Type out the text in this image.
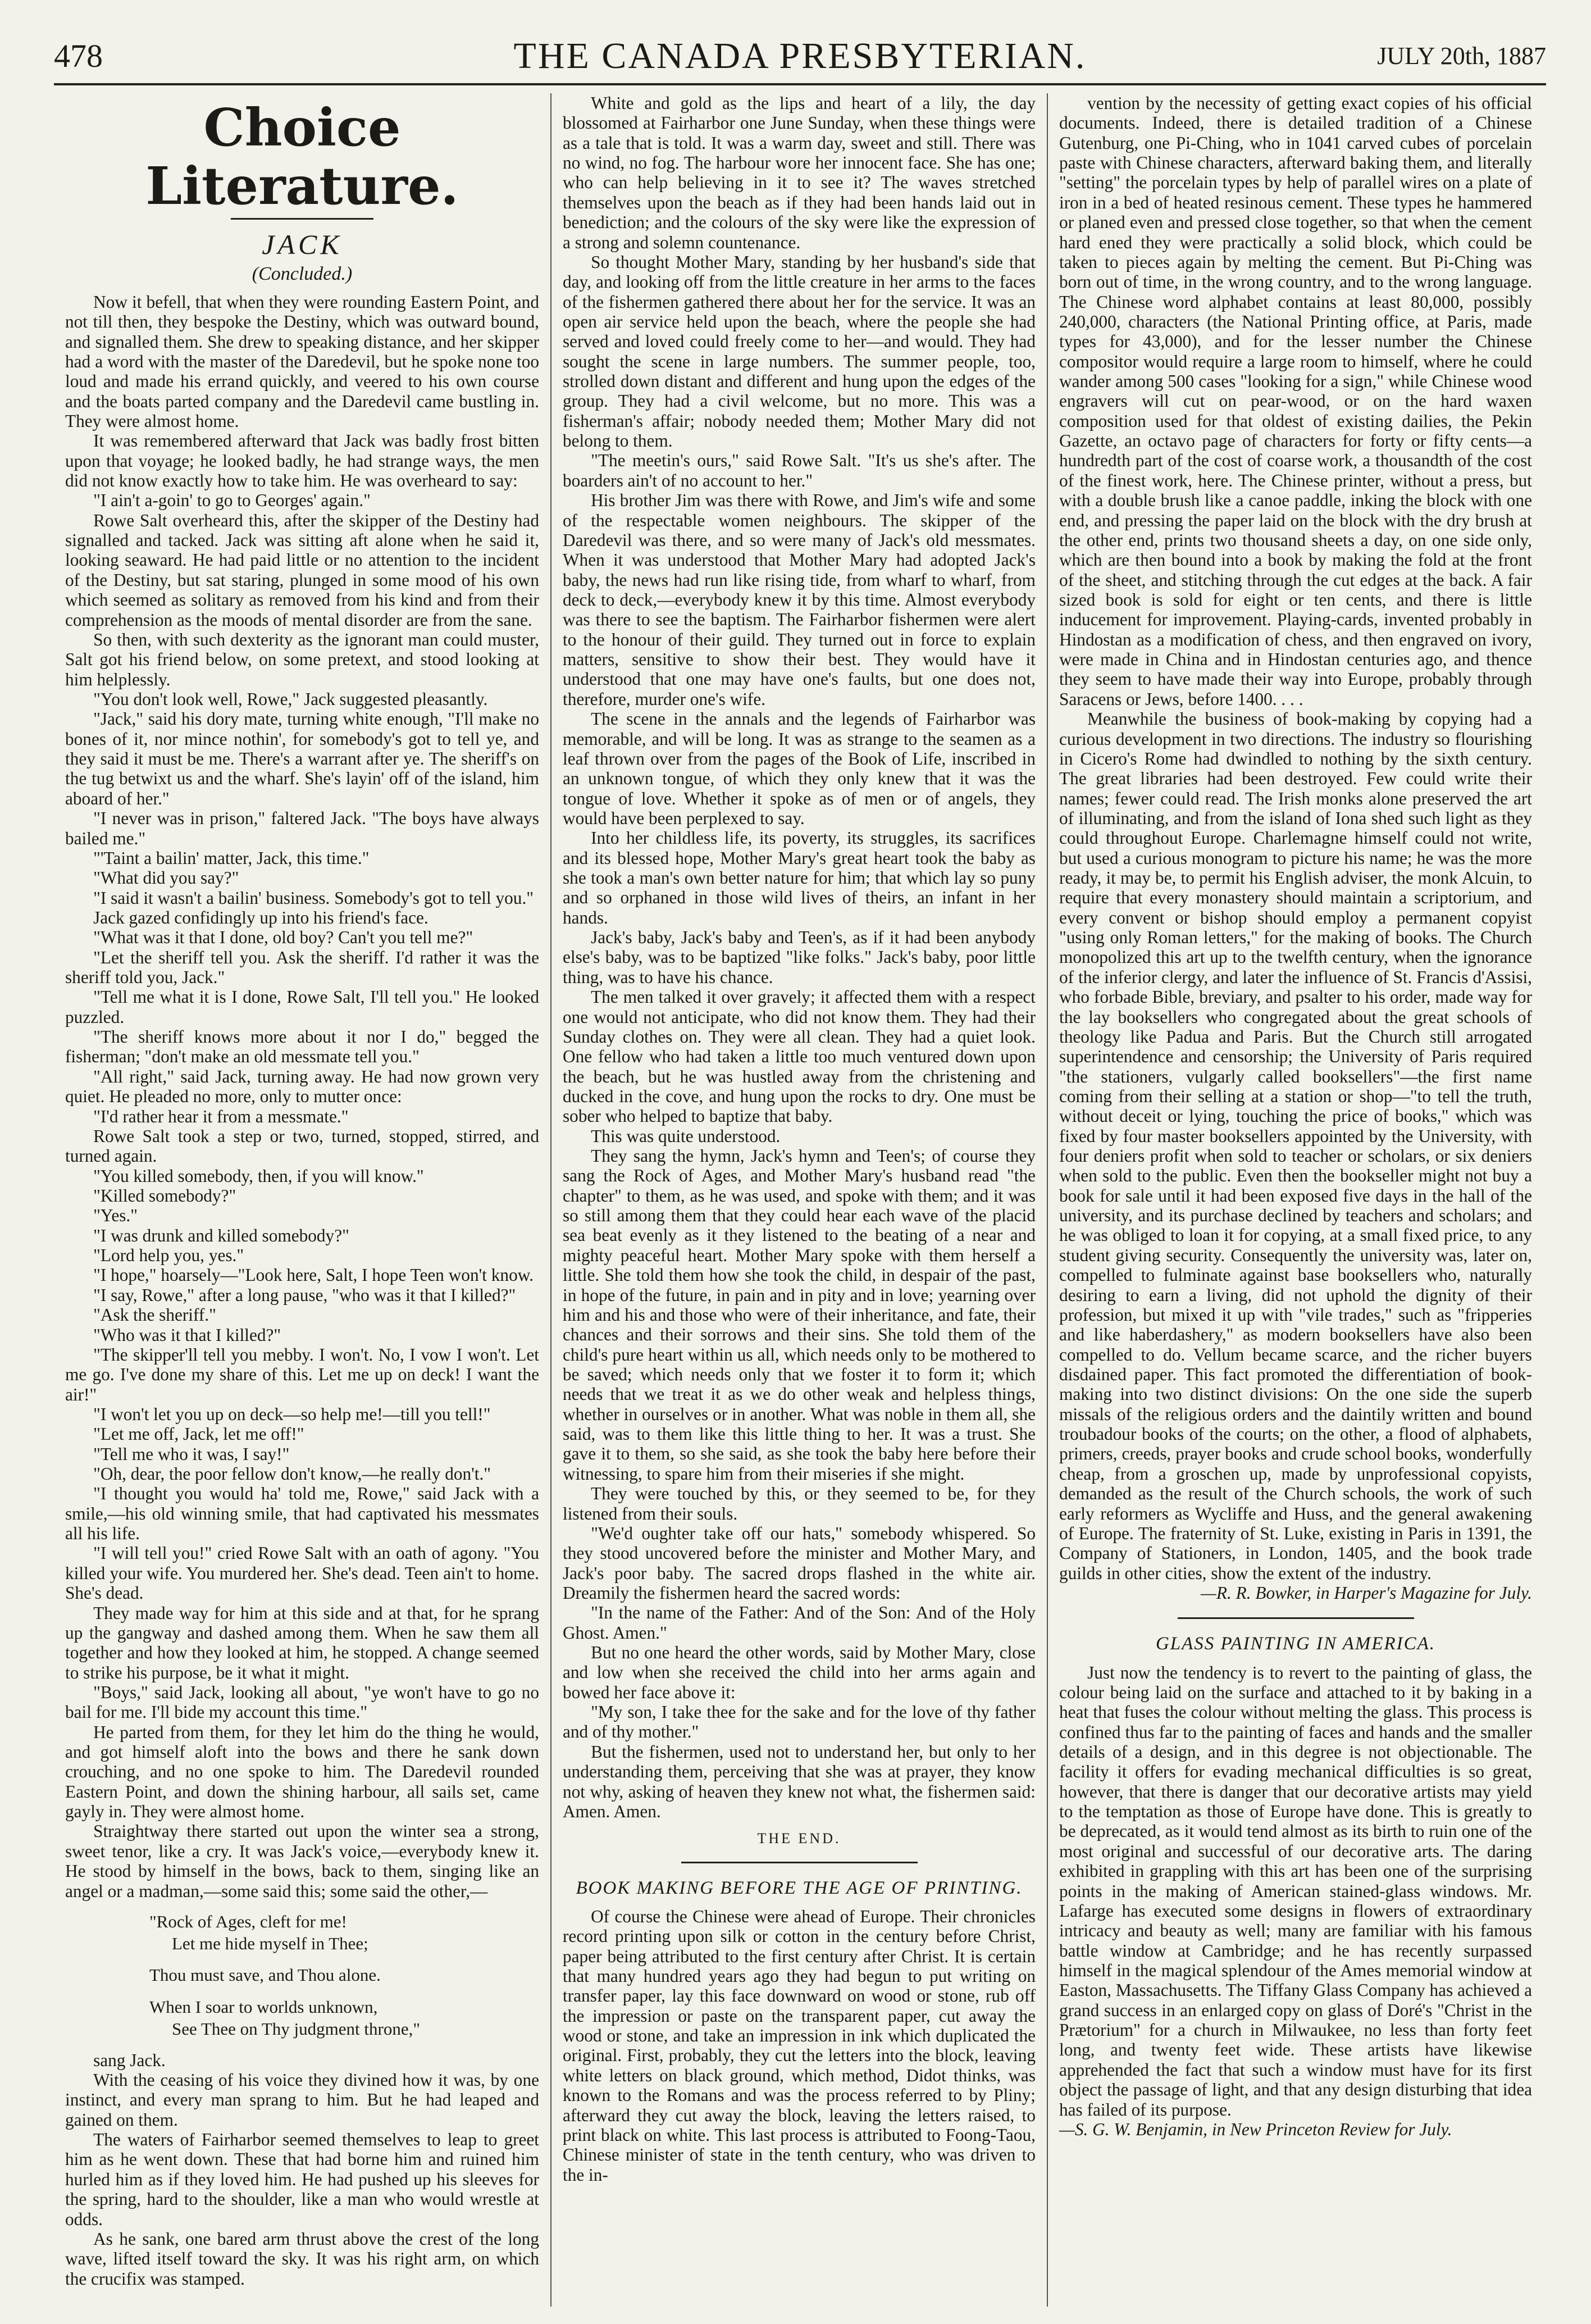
478	THE CANADA PRESBYTERIAN.	JULY 20th, 1887
Choice Literature.
JACK
(Concluded.)

Now it befell, that when they were rounding Eastern Point, and not till then, they bespoke the Destiny, which was outward bound, and signalled them. She drew to speaking distance, and her skipper had a word with the master of the Daredevil, but he spoke none too loud and made his errand quickly, and veered to his own course and the boats parted company and the Daredevil came bustling in. They were almost home.

It was remembered afterward that Jack was badly frost bitten upon that voyage; he looked badly, he had strange ways, the men did not know exactly how to take him. He was overheard to say:

"I ain't a-goin' to go to Georges' again."

Rowe Salt overheard this, after the skipper of the Destiny had signalled and tacked. Jack was sitting aft alone when he said it, looking seaward. He had paid little or no attention to the incident of the Destiny, but sat staring, plunged in some mood of his own which seemed as solitary as removed from his kind and from their comprehension as the moods of mental disorder are from the sane.

So then, with such dexterity as the ignorant man could muster, Salt got his friend below, on some pretext, and stood looking at him helplessly.

"You don't look well, Rowe," Jack suggested pleasantly.

"Jack," said his dory mate, turning white enough, "I'll make no bones of it, nor mince nothin', for somebody's got to tell ye, and they said it must be me. There's a warrant after ye. The sheriff's on the tug betwixt us and the wharf. She's layin' off of the island, him aboard of her."

"I never was in prison," faltered Jack. "The boys have always bailed me."

"'Taint a bailin' matter, Jack, this time."

"What did you say?"

"I said it wasn't a bailin' business. Somebody's got to tell you."

Jack gazed confidingly up into his friend's face.

"What was it that I done, old boy? Can't you tell me?"

"Let the sheriff tell you. Ask the sheriff. I'd rather it was the sheriff told you, Jack."

"Tell me what it is I done, Rowe Salt, I'll tell you." He looked puzzled.

"The sheriff knows more about it nor I do," begged the fisherman; "don't make an old messmate tell you."

"All right," said Jack, turning away. He had now grown very quiet. He pleaded no more, only to mutter once:

"I'd rather hear it from a messmate."

Rowe Salt took a step or two, turned, stopped, stirred, and turned again.

"You killed somebody, then, if you will know."

"Killed somebody?"

"Yes."

"I was drunk and killed somebody?"

"Lord help you, yes."

"I hope," hoarsely—"Look here, Salt, I hope Teen won't know.

"I say, Rowe," after a long pause, "who was it that I killed?"

"Ask the sheriff."

"Who was it that I killed?"

"The skipper'll tell you mebby. I won't. No, I vow I won't. Let me go. I've done my share of this. Let me up on deck! I want the air!"

"I won't let you up on deck—so help me!—till you tell!"

"Let me off, Jack, let me off!"

"Tell me who it was, I say!"

"Oh, dear, the poor fellow don't know,—he really don't."

"I thought you would ha' told me, Rowe," said Jack with a smile,—his old winning smile, that had captivated his messmates all his life.

"I will tell you!" cried Rowe Salt with an oath of agony. "You killed your wife. You murdered her. She's dead. Teen ain't to home. She's dead.

They made way for him at this side and at that, for he sprang up the gangway and dashed among them. When he saw them all together and how they looked at him, he stopped. A change seemed to strike his purpose, be it what it might.

"Boys," said Jack, looking all about, "ye won't have to go no bail for me. I'll bide my account this time."

He parted from them, for they let him do the thing he would, and got himself aloft into the bows and there he sank down crouching, and no one spoke to him. The Daredevil rounded Eastern Point, and down the shining harbour, all sails set, came gayly in. They were almost home.

Straightway there started out upon the winter sea a strong, sweet tenor, like a cry. It was Jack's voice,—everybody knew it. He stood by himself in the bows, back to them, singing like an angel or a madman,—some said this; some said the other,—

"Rock of Ages, cleft for me!
Let me hide myself in Thee;
Thou must save, and Thou alone.
When I soar to worlds unknown,
See Thee on Thy judgment throne,"

sang Jack.

With the ceasing of his voice they divined how it was, by one instinct, and every man sprang to him. But he had leaped and gained on them.

The waters of Fairharbor seemed themselves to leap to greet him as he went down. These that had borne him and ruined him hurled him as if they loved him. He had pushed up his sleeves for the spring, hard to the shoulder, like a man who would wrestle at odds.

As he sank, one bared arm thrust above the crest of the long wave, lifted itself toward the sky. It was his right arm, on which the crucifix was stamped.

White and gold as the lips and heart of a lily, the day blossomed at Fairharbor one June Sunday, when these things were as a tale that is told. It was a warm day, sweet and still. There was no wind, no fog. The harbour wore her innocent face. She has one; who can help believing in it to see it? The waves stretched themselves upon the beach as if they had been hands laid out in benediction; and the colours of the sky were like the expression of a strong and solemn countenance.

So thought Mother Mary, standing by her husband's side that day, and looking off from the little creature in her arms to the faces of the fishermen gathered there about her for the service. It was an open air service held upon the beach, where the people she had served and loved could freely come to her—and would. They had sought the scene in large numbers. The summer people, too, strolled down distant and different and hung upon the edges of the group. They had a civil welcome, but no more. This was a fisherman's affair; nobody needed them; Mother Mary did not belong to them.

"The meetin's ours," said Rowe Salt. "It's us she's after. The boarders ain't of no account to her."

His brother Jim was there with Rowe, and Jim's wife and some of the respectable women neighbours. The skipper of the Daredevil was there, and so were many of Jack's old messmates. When it was understood that Mother Mary had adopted Jack's baby, the news had run like rising tide, from wharf to wharf, from deck to deck,—everybody knew it by this time. Almost everybody was there to see the baptism. The Fairharbor fishermen were alert to the honour of their guild. They turned out in force to explain matters, sensitive to show their best. They would have it understood that one may have one's faults, but one does not, therefore, murder one's wife.

The scene in the annals and the legends of Fairharbor was memorable, and will be long. It was as strange to the seamen as a leaf thrown over from the pages of the Book of Life, inscribed in an unknown tongue, of which they only knew that it was the tongue of love. Whether it spoke as of men or of angels, they would have been perplexed to say.

Into her childless life, its poverty, its struggles, its sacrifices and its blessed hope, Mother Mary's great heart took the baby as she took a man's own better nature for him; that which lay so puny and so orphaned in those wild lives of theirs, an infant in her hands.

Jack's baby, Jack's baby and Teen's, as if it had been anybody else's baby, was to be baptized "like folks." Jack's baby, poor little thing, was to have his chance.

The men talked it over gravely; it affected them with a respect one would not anticipate, who did not know them. They had their Sunday clothes on. They were all clean. They had a quiet look. One fellow who had taken a little too much ventured down upon the beach, but he was hustled away from the christening and ducked in the cove, and hung upon the rocks to dry. One must be sober who helped to baptize that baby.

This was quite understood.

They sang the hymn, Jack's hymn and Teen's; of course they sang the Rock of Ages, and Mother Mary's husband read "the chapter" to them, as he was used, and spoke with them; and it was so still among them that they could hear each wave of the placid sea beat evenly as it they listened to the beating of a near and mighty peaceful heart. Mother Mary spoke with them herself a little. She told them how she took the child, in despair of the past, in hope of the future, in pain and in pity and in love; yearning over him and his and those who were of their inheritance, and fate, their chances and their sorrows and their sins. She told them of the child's pure heart within us all, which needs only to be mothered to be saved; which needs only that we foster it to form it; which needs that we treat it as we do other weak and helpless things, whether in ourselves or in another. What was noble in them all, she said, was to them like this little thing to her. It was a trust. She gave it to them, so she said, as she took the baby here before their witnessing, to spare him from their miseries if she might.

They were touched by this, or they seemed to be, for they listened from their souls.

"We'd oughter take off our hats," somebody whispered. So they stood uncovered before the minister and Mother Mary, and Jack's poor baby. The sacred drops flashed in the white air. Dreamily the fishermen heard the sacred words:

"In the name of the Father: And of the Son: And of the Holy Ghost. Amen."

But no one heard the other words, said by Mother Mary, close and low when she received the child into her arms again and bowed her face above it:

"My son, I take thee for the sake and for the love of thy father and of thy mother."

But the fishermen, used not to understand her, but only to her understanding them, perceiving that she was at prayer, they know not why, asking of heaven they knew not what, the fishermen said: Amen. Amen.

THE END.
BOOK MAKING BEFORE THE AGE OF PRINTING.

Of course the Chinese were ahead of Europe. Their chronicles record printing upon silk or cotton in the century before Christ, paper being attributed to the first century after Christ. It is certain that many hundred years ago they had begun to put writing on transfer paper, lay this face downward on wood or stone, rub off the impression or paste on the transparent paper, cut away the wood or stone, and take an impression in ink which duplicated the original. First, probably, they cut the letters into the block, leaving white letters on black ground, which method, Didot thinks, was known to the Romans and was the process referred to by Pliny; afterward they cut away the block, leaving the letters raised, to print black on white. This last process is attributed to Foong-Taou, Chinese minister of state in the tenth century, who was driven to the in-

vention by the necessity of getting exact copies of his official documents. Indeed, there is detailed tradition of a Chinese Gutenburg, one Pi-Ching, who in 1041 carved cubes of porcelain paste with Chinese characters, afterward baking them, and literally "setting" the porcelain types by help of parallel wires on a plate of iron in a bed of heated resinous cement. These types he hammered or planed even and pressed close together, so that when the cement hard ened they were practically a solid block, which could be taken to pieces again by melting the cement. But Pi-Ching was born out of time, in the wrong country, and to the wrong language. The Chinese word alphabet contains at least 80,000, possibly 240,000, characters (the National Printing office, at Paris, made types for 43,000), and for the lesser number the Chinese compositor would require a large room to himself, where he could wander among 500 cases "looking for a sign," while Chinese wood engravers will cut on pear-wood, or on the hard waxen composition used for that oldest of existing dailies, the Pekin Gazette, an octavo page of characters for forty or fifty cents—a hundredth part of the cost of coarse work, a thousandth of the cost of the finest work, here. The Chinese printer, without a press, but with a double brush like a canoe paddle, inking the block with one end, and pressing the paper laid on the block with the dry brush at the other end, prints two thousand sheets a day, on one side only, which are then bound into a book by making the fold at the front of the sheet, and stitching through the cut edges at the back. A fair sized book is sold for eight or ten cents, and there is little inducement for improvement. Playing-cards, invented probably in Hindostan as a modification of chess, and then engraved on ivory, were made in China and in Hindostan centuries ago, and thence they seem to have made their way into Europe, probably through Saracens or Jews, before 1400. . . .

Meanwhile the business of book-making by copying had a curious development in two directions. The industry so flourishing in Cicero's Rome had dwindled to nothing by the sixth century. The great libraries had been destroyed. Few could write their names; fewer could read. The Irish monks alone preserved the art of illuminating, and from the island of Iona shed such light as they could throughout Europe. Charlemagne himself could not write, but used a curious monogram to picture his name; he was the more ready, it may be, to permit his English adviser, the monk Alcuin, to require that every monastery should maintain a scriptorium, and every convent or bishop should employ a permanent copyist "using only Roman letters," for the making of books. The Church monopolized this art up to the twelfth century, when the ignorance of the inferior clergy, and later the influence of St. Francis d'Assisi, who forbade Bible, breviary, and psalter to his order, made way for the lay booksellers who congregated about the great schools of theology like Padua and Paris. But the Church still arrogated superintendence and censorship; the University of Paris required "the stationers, vulgarly called booksellers"—the first name coming from their selling at a station or shop—"to tell the truth, without deceit or lying, touching the price of books," which was fixed by four master booksellers appointed by the University, with four deniers profit when sold to teacher or scholars, or six deniers when sold to the public. Even then the bookseller might not buy a book for sale until it had been exposed five days in the hall of the university, and its purchase declined by teachers and scholars; and he was obliged to loan it for copying, at a small fixed price, to any student giving security. Consequently the university was, later on, compelled to fulminate against base booksellers who, naturally desiring to earn a living, did not uphold the dignity of their profession, but mixed it up with "vile trades," such as "fripperies and like haberdashery," as modern booksellers have also been compelled to do. Vellum became scarce, and the richer buyers disdained paper. This fact promoted the differentiation of book-making into two distinct divisions: On the one side the superb missals of the religious orders and the daintily written and bound troubadour books of the courts; on the other, a flood of alphabets, primers, creeds, prayer books and crude school books, wonderfully cheap, from a groschen up, made by unprofessional copyists, demanded as the result of the Church schools, the work of such early reformers as Wycliffe and Huss, and the general awakening of Europe. The fraternity of St. Luke, existing in Paris in 1391, the Company of Stationers, in London, 1405, and the book trade guilds in other cities, show the extent of the industry.

—R. R. Bowker, in Harper's Magazine for July.

GLASS PAINTING IN AMERICA.

Just now the tendency is to revert to the painting of glass, the colour being laid on the surface and attached to it by baking in a heat that fuses the colour without melting the glass. This process is confined thus far to the painting of faces and hands and the smaller details of a design, and in this degree is not objectionable. The facility it offers for evading mechanical difficulties is so great, however, that there is danger that our decorative artists may yield to the temptation as those of Europe have done. This is greatly to be deprecated, as it would tend almost as its birth to ruin one of the most original and successful of our decorative arts. The daring exhibited in grappling with this art has been one of the surprising points in the making of American stained-glass windows. Mr. Lafarge has executed some designs in flowers of extraordinary intricacy and beauty as well; many are familiar with his famous battle window at Cambridge; and he has recently surpassed himself in the magical splendour of the Ames memorial window at Easton, Massachusetts. The Tiffany Glass Company has achieved a grand success in an enlarged copy on glass of Doré's "Christ in the Prætorium" for a church in Milwaukee, no less than forty feet long, and twenty feet wide. These artists have likewise apprehended the fact that such a window must have for its first object the passage of light, and that any design disturbing that idea has failed of its purpose.

—S. G. W. Benjamin, in New Princeton Review for July.
